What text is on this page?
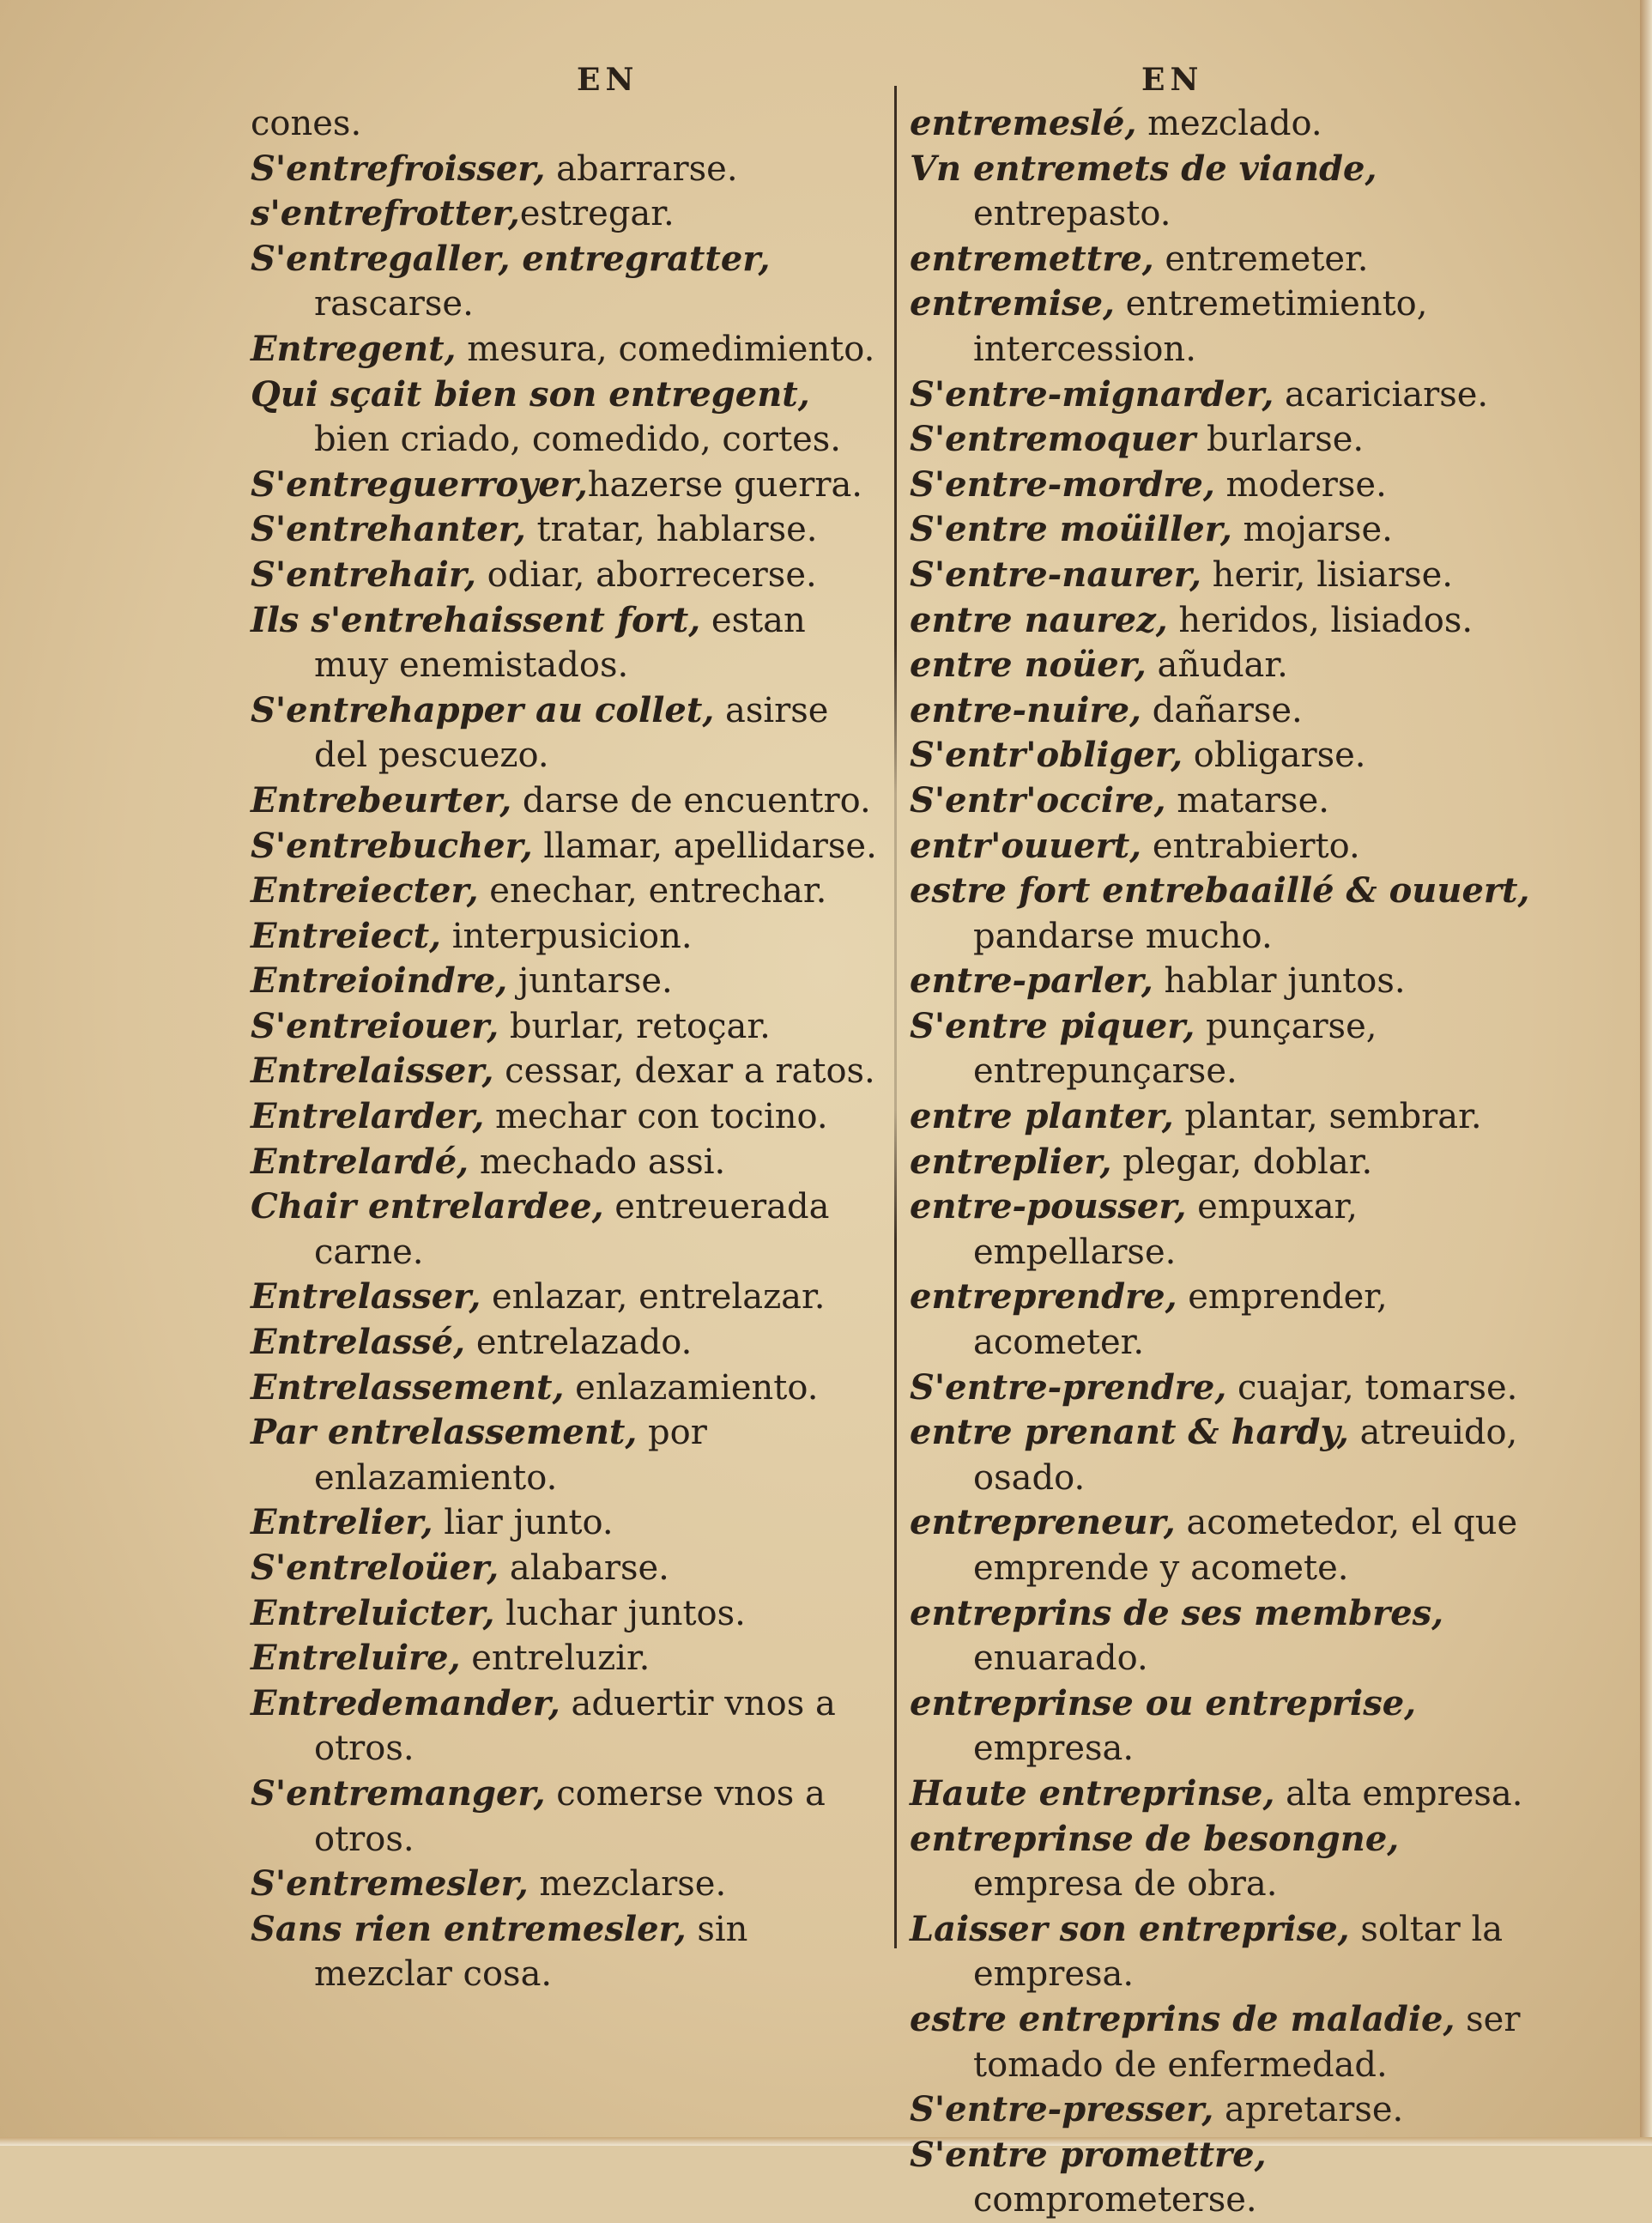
EN	EN

cones.

S'entrefroisser, abarrarse.

s'entrefrotter,estregar.

S'entregaller, entregratter, rascarse.

Entregent, mesura, comedimiento.

Qui sçait bien son entregent, bien criado, comedido, cortes.

S'entreguerroyer,hazerse guerra.

S'entrehanter, tratar, hablarse.

S'entrehair, odiar, aborrecerse.

Ils s'entrehaissent fort, estan muy enemistados.

S'entrehapper au collet, asirse del pescuezo.

Entrebeurter, darse de encuentro.

S'entrebucher, llamar, apellidarse.

Entreiecter, enechar, entrechar.

Entreiect, interpusicion.

Entreioindre, juntarse.

S'entreiouer, burlar, retoçar.

Entrelaisser, cessar, dexar a ratos.

Entrelarder, mechar con tocino.

Entrelardé, mechado assi.

Chair entrelardee, entreuerada carne.

Entrelasser, enlazar, entrelazar.

Entrelassé, entrelazado.

Entrelassement, enlazamiento.

Par entrelassement, por enlazamiento.

Entrelier, liar junto.

S'entreloüer, alabarse.

Entreluicter, luchar juntos.

Entreluire, entreluzir.

Entredemander, aduertir vnos a otros.

S'entremanger, comerse vnos a otros.

S'entremesler, mezclarse.

Sans rien entremesler, sin mezclar cosa.

entremeslé, mezclado.

Vn entremets de viande, entrepasto.

entremettre, entremeter.

entremise, entremetimiento, intercession.

S'entre-mignarder, acariciarse.

S'entremoquer burlarse.

S'entre-mordre, moderse.

S'entre moüiller, mojarse.

S'entre-naurer, herir, lisiarse.

entre naurez, heridos, lisiados.

entre noüer, añudar.

entre-nuire, dañarse.

S'entr'obliger, obligarse.

S'entr'occire, matarse.

entr'ouuert, entrabierto.

estre fort entrebaaillé & ouuert, pandarse mucho.

entre-parler, hablar juntos.

S'entre piquer, punçarse, entrepunçarse.

entre planter, plantar, sembrar.

entreplier, plegar, doblar.

entre-pousser, empuxar, empellarse.

entreprendre, emprender, acometer.

S'entre-prendre, cuajar, tomarse.

entre prenant & hardy, atreuido, osado.

entrepreneur, acometedor, el que emprende y acomete.

entreprins de ses membres, enuarado.

entreprinse ou entreprise, empresa.

Haute entreprinse, alta empresa.

entreprinse de besongne, empresa de obra.

Laisser son entreprise, soltar la empresa.

estre entreprins de maladie, ser tomado de enfermedad.

S'entre-presser, apretarse.

S'entre promettre, comprometerse.
